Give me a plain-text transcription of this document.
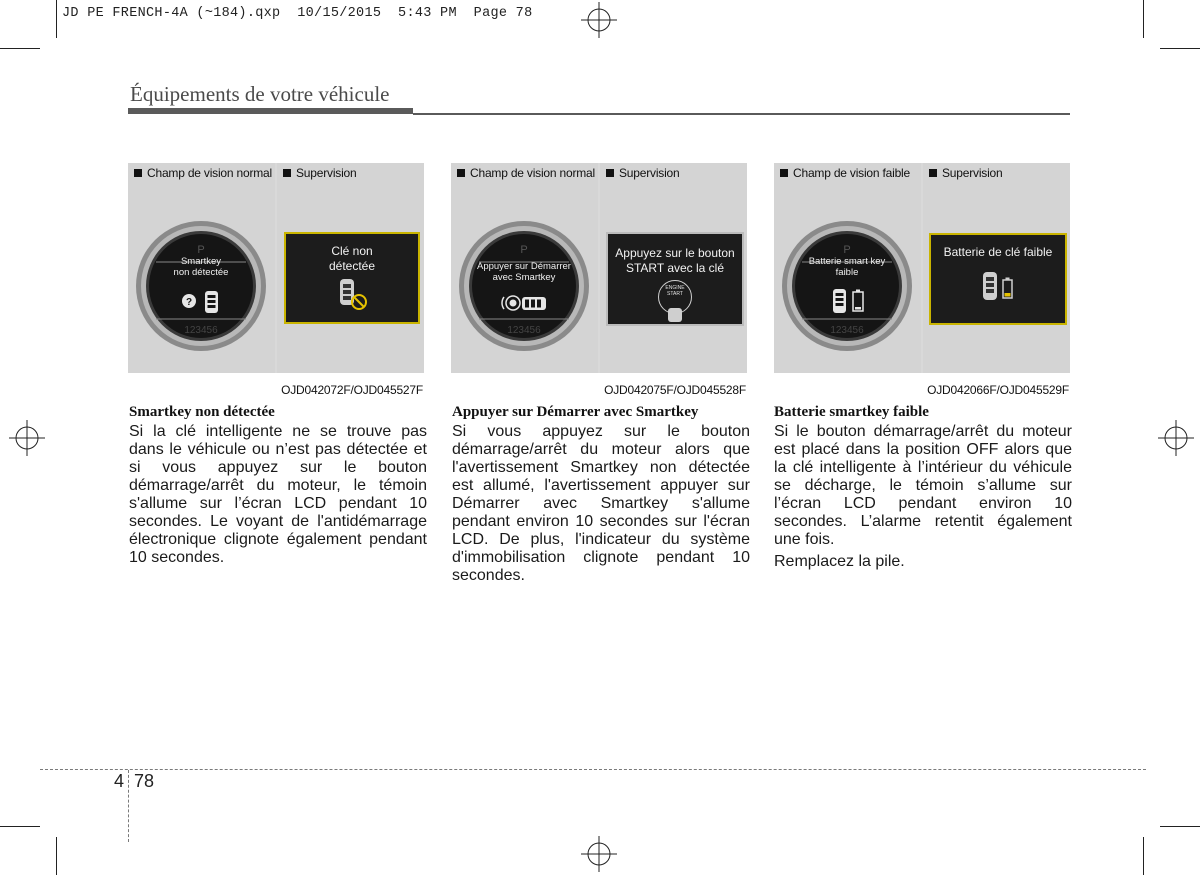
JD PE FRENCH-4A (~184).qxp  10/15/2015  5:43 PM  Page 78
Équipements de votre véhicule
Champ de vision normal
P
123456
?
Smartkey
non détectée
Supervision
Clé non
détectée
OJD042072F/OJD045527F
Champ de vision normal
P
123456
Appuyer sur Démarrer
avec Smartkey
Supervision
Appuyez sur le bouton
START avec la clé
ENGINE
START
OJD042075F/OJD045528F
Champ de vision faible
P
123456
Batterie smart key
faible
Supervision
Batterie de clé faible
OJD042066F/OJD045529F
Smartkey non détectée

Si la clé intelligente ne se trouve pas dans le véhicule ou n’est pas détectée et si vous appuyez sur le bouton démarrage/arrêt du moteur, le témoin s'allume sur l’écran LCD pendant 10 secondes. Le voyant de l'antidémarrage électronique clignote également pendant 10 secondes.

Appuyer sur Démarrer avec Smartkey

Si vous appuyez sur le bouton démarrage/arrêt du moteur alors que l'avertissement Smartkey non détectée est allumé, l'avertissement appuyer sur Démarrer avec Smartkey s'allume pendant environ 10 secondes sur l'écran LCD. De plus, l'indicateur du système d'immobilisation clignote pendant 10 secondes.

Batterie smartkey faible

Si le bouton démarrage/arrêt du moteur est placé dans la position OFF alors que la clé intelligente à l’intérieur du véhicule se décharge, le témoin s’allume sur l’écran LCD pendant environ 10 secondes. L’alarme retentit également une fois.

Remplacez la pile.

4 78
